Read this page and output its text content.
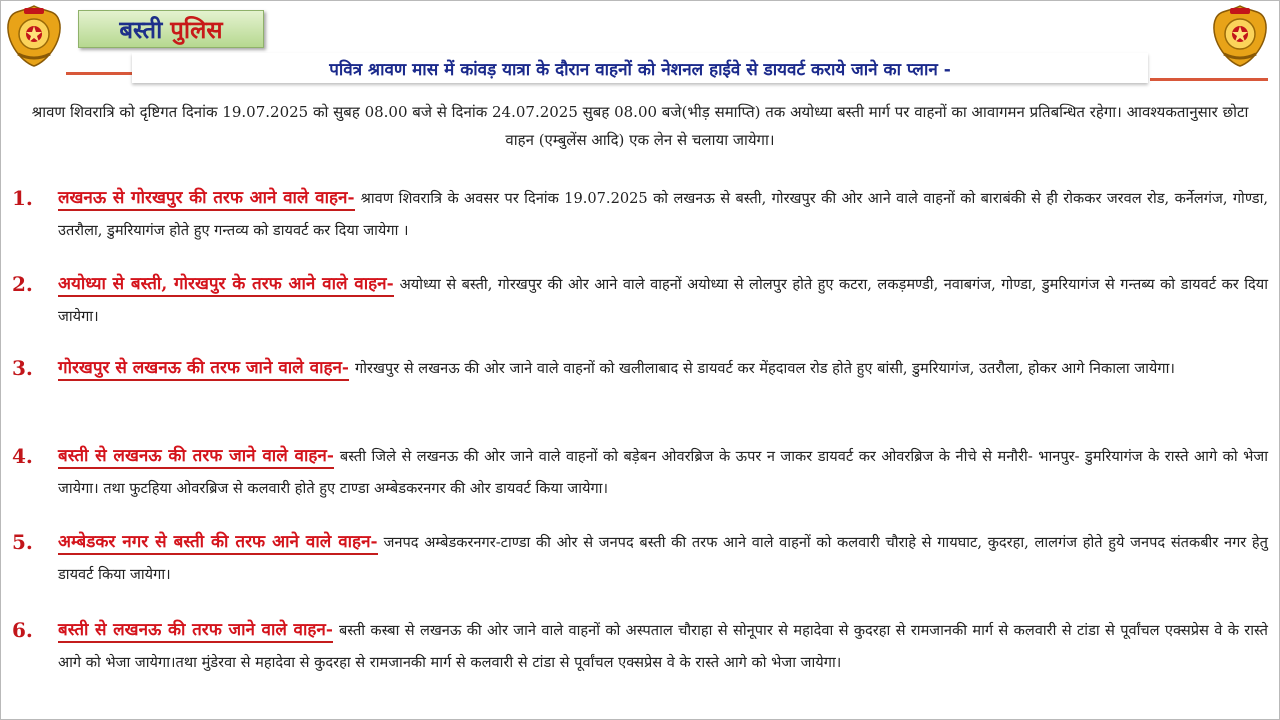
बस्ती पुलिस
पवित्र श्रावण मास में कांवड़ यात्रा के दौरान वाहनों को नेशनल हाईवे से डायवर्ट कराये जाने का प्लान -
श्रावण शिवरात्रि को दृष्टिगत दिनांक 19.07.2025 को सुबह 08.00 बजे से दिनांक 24.07.2025 सुबह 08.00 बजे(भीड़ समाप्ति) तक अयोध्या बस्ती मार्ग पर वाहनों का आवागमन प्रतिबन्धित रहेगा। आवश्यकतानुसार छोटा वाहन (एम्बुलेंस आदि) एक लेन से चलाया जायेगा।
1. लखनऊ से गोरखपुर की तरफ आने वाले वाहन- श्रावण शिवरात्रि के अवसर पर दिनांक 19.07.2025 को लखनऊ से बस्ती, गोरखपुर की ओर आने वाले वाहनों को बाराबंकी से ही रोककर जरवल रोड, कर्नेलगंज, गोण्डा, उतरौला, डुमरियागंज होते हुए गन्तव्य को डायवर्ट कर दिया जायेगा ।
2. अयोध्या से बस्ती, गोरखपुर के तरफ आने वाले वाहन- अयोध्या से बस्ती, गोरखपुर की ओर आने वाले वाहनों अयोध्या से लोलपुर होते हुए कटरा, लकड़मण्डी, नवाबगंज, गोण्डा, डुमरियागंज से गन्तब्य को डायवर्ट कर दिया जायेगा।
3. गोरखपुर से लखनऊ की तरफ जाने वाले वाहन- गोरखपुर से लखनऊ की ओर जाने वाले वाहनों को खलीलाबाद से डायवर्ट कर मेंहदावल रोड होते हुए बांसी, डुमरियागंज, उतरौला, होकर आगे निकाला जायेगा।
4. बस्ती से लखनऊ की तरफ जाने वाले वाहन- बस्ती जिले से लखनऊ की ओर जाने वाले वाहनों को बड़ेबन ओवरब्रिज के ऊपर न जाकर डायवर्ट कर ओवरब्रिज के नीचे से मनौरी- भानपुर- डुमरियागंज के रास्ते आगे को भेजा जायेगा। तथा फुटहिया ओवरब्रिज से कलवारी होते हुए टाण्डा अम्बेडकरनगर की ओर डायवर्ट किया जायेगा।
5. अम्बेडकर नगर से बस्ती की तरफ आने वाले वाहन- जनपद अम्बेडकरनगर-टाण्डा की ओर से जनपद बस्ती की तरफ आने वाले वाहनों को कलवारी चौराहे से गायघाट, कुदरहा, लालगंज होते हुये जनपद संतकबीर नगर हेतु डायवर्ट किया जायेगा।
6. बस्ती से लखनऊ की तरफ जाने वाले वाहन- बस्ती कस्बा से लखनऊ की ओर जाने वाले वाहनों को अस्पताल चौराहा से सोनूपार से महादेवा से कुदरहा से रामजानकी मार्ग से कलवारी से टांडा से पूर्वांचल एक्सप्रेस वे के रास्ते आगे को भेजा जायेगा।तथा मुंडेरवा से महादेवा से कुदरहा से रामजानकी मार्ग से कलवारी से टांडा से पूर्वांचल एक्सप्रेस वे के रास्ते आगे को भेजा जायेगा।
